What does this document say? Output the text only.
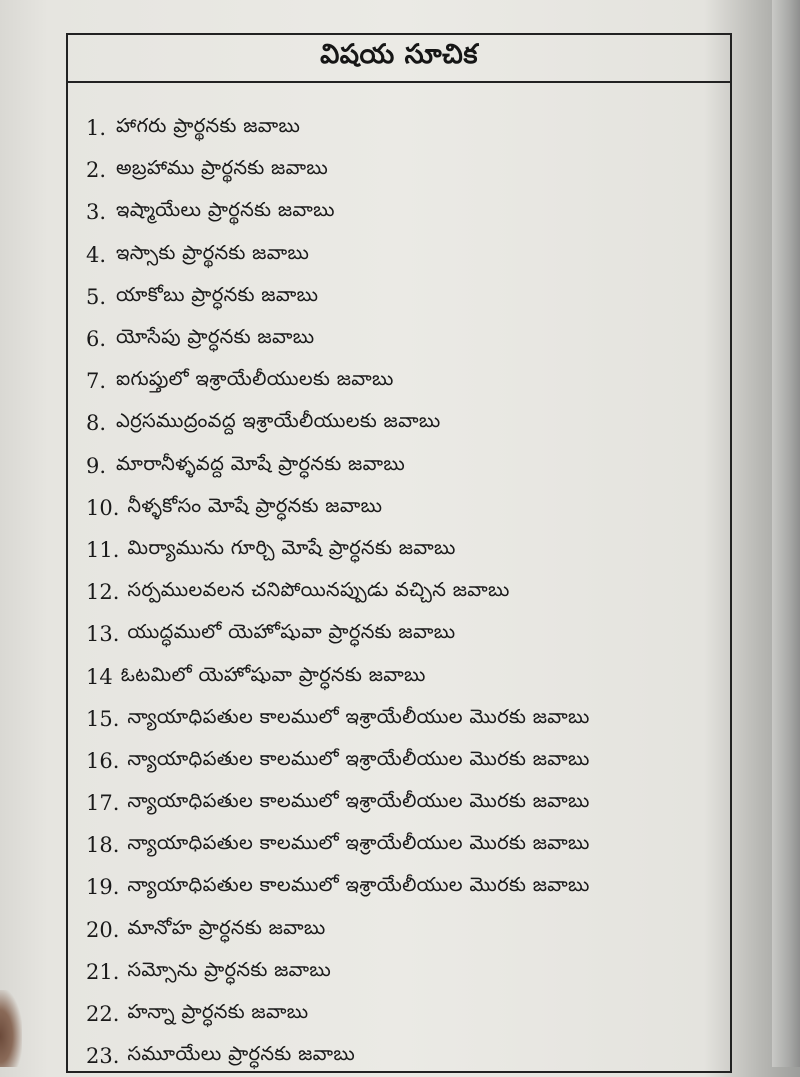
విషయ సూచిక
1. హాగరు ప్రార్థనకు జవాబు
2. అబ్రహాము ప్రార్థనకు జవాబు
3. ఇష్మాయేలు ప్రార్థనకు జవాబు
4. ఇస్సాకు ప్రార్థనకు జవాబు
5. యాకోబు ప్రార్ధనకు జవాబు
6. యోసేపు ప్రార్ధనకు జవాబు
7. ఐగుప్తులో ఇశ్రాయేలీయులకు జవాబు
8. ఎర్రసముద్రంవద్ద ఇశ్రాయేలీయులకు జవాబు
9. మారానీళ్ళవద్ద మోషే ప్రార్ధనకు జవాబు
10. నీళ్ళకోసం మోషే ప్రార్ధనకు జవాబు
11. మిర్యామును గూర్చి మోషే ప్రార్ధనకు జవాబు
12. సర్పములవలన చనిపోయినప్పుడు వచ్చిన జవాబు
13. యుద్ధములో యెహోషువా ప్రార్ధనకు జవాబు
14 ఓటమిలో యెహోషువా ప్రార్ధనకు జవాబు
15. న్యాయాధిపతుల కాలములో ఇశ్రాయేలీయుల మొరకు జవాబు
16. న్యాయాధిపతుల కాలములో ఇశ్రాయేలీయుల మొరకు జవాబు
17. న్యాయాధిపతుల కాలములో ఇశ్రాయేలీయుల మొరకు జవాబు
18. న్యాయాధిపతుల కాలములో ఇశ్రాయేలీయుల మొరకు జవాబు
19. న్యాయాధిపతుల కాలములో ఇశ్రాయేలీయుల మొరకు జవాబు
20. మానోహ ప్రార్ధనకు జవాబు
21. సమ్సోను ప్రార్ధనకు జవాబు
22. హన్నా ప్రార్ధనకు జవాబు
23. సమూయేలు ప్రార్ధనకు జవాబు
